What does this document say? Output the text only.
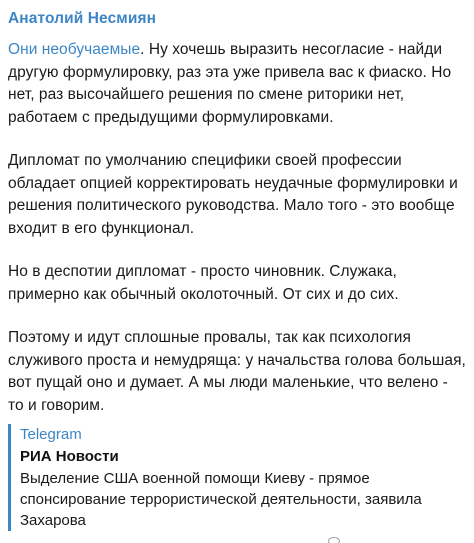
Анатолий Несмиян

Они необучаемые. Ну хочешь выразить несогласие - найди другую формулировку, раз эта уже привела вас к фиаско. Но нет, раз высочайшего решения по смене риторики нет, работаем с предыдущими формулировками.

Дипломат по умолчанию специфики своей профессии обладает опцией корректировать неудачные формулировки и решения политического руководства. Мало того - это вообще входит в его функционал.

Но в деспотии дипломат - просто чиновник. Служака, примерно как обычный околоточный. От сих и до сих.

Поэтому и идут сплошные провалы, так как психология служивого проста и немудряща: у начальства голова большая, вот пущай оно и думает. А мы люди маленькие, что велено - то и говорим.

Telegram
РИА Новости
Выделение США военной помощи Киеву - прямое спонсирование террористической деятельности, заявила Захарова
